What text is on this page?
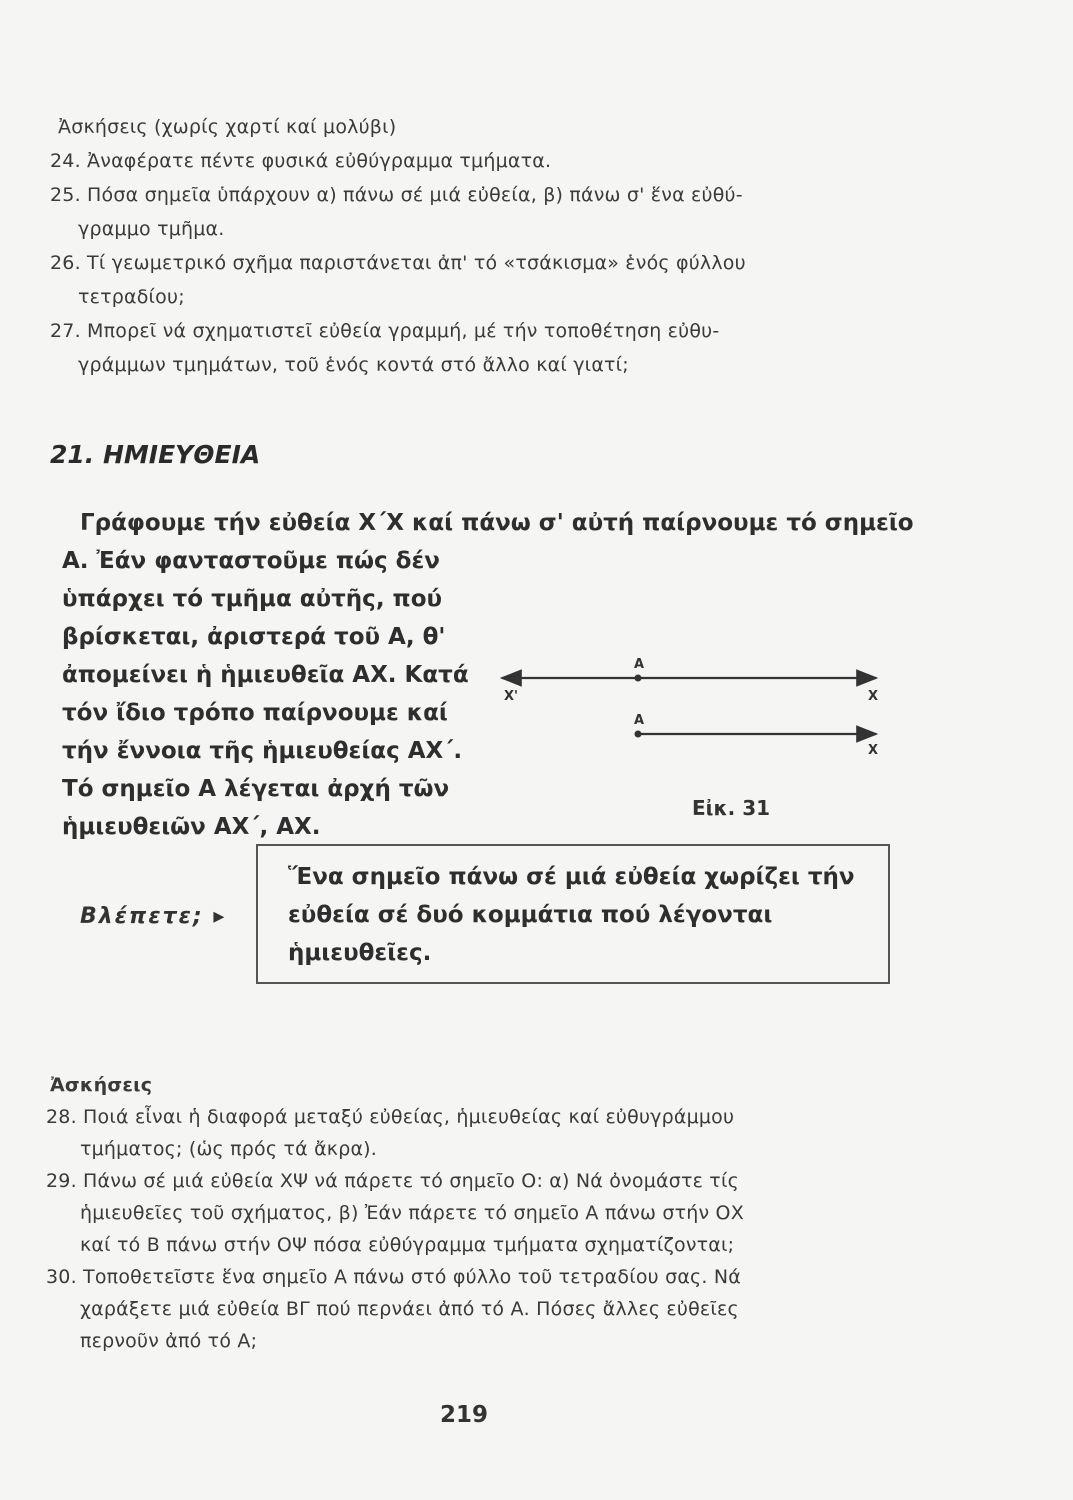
Ἀσκήσεις (χωρίς χαρτί καί μολύβι)
24. Ἀναφέρατε πέντε φυσικά εὐθύγραμμα τμήματα.
25. Πόσα σημεῖα ὑπάρχουν α) πάνω σέ μιά εὐθεία, β) πάνω σ' ἕνα εὐθύ-
γραμμο τμῆμα.
26. Τί γεωμετρικό σχῆμα παριστάνεται ἀπ' τό «τσάκισμα» ἑνός φύλλου
τετραδίου;
27. Μπορεῖ νά σχηματιστεῖ εὐθεία γραμμή, μέ τήν τοποθέτηση εὐθυ-
γράμμων τμημάτων, τοῦ ἑνός κοντά στό ἄλλο καί γιατί;
21. ΗΜΙΕΥΘΕΙΑ
Γράφουμε τήν εὐθεία Χ΄Χ καί πάνω σ' αὐτή παίρνουμε τό σημεῖο
Α. Ἐάν φανταστοῦμε πώς δέν
ὑπάρχει τό τμῆμα αὐτῆς, πού
βρίσκεται, ἀριστερά τοῦ Α, θ'
ἀπομείνει ἡ ἡμιευθεῖα ΑΧ. Κατά
τόν ἴδιο τρόπο παίρνουμε καί
τήν ἔννοια τῆς ἡμιευθείας ΑΧ΄.
Τό σημεῖο Α λέγεται ἀρχή τῶν
ἡμιευθειῶν ΑΧ΄, ΑΧ.
Χ'
Α
Χ
Α
Χ
Εἰκ. 31
Βλέπετε; ▸
Ἕνα σημεῖο πάνω σέ μιά εὐθεία χωρίζει τήν
εὐθεία σέ δυό κομμάτια πού λέγονται
ἡμιευθεῖες.
Ἀσκήσεις
28. Ποιά εἶναι ἡ διαφορά μεταξύ εὐθείας, ἡμιευθείας καί εὐθυγράμμου
τμήματος; (ὡς πρός τά ἄκρα).
29. Πάνω σέ μιά εὐθεία ΧΨ νά πάρετε τό σημεῖο Ο: α) Νά ὀνομάστε τίς
ἡμιευθεῖες τοῦ σχήματος, β) Ἐάν πάρετε τό σημεῖο Α πάνω στήν ΟΧ
καί τό Β πάνω στήν ΟΨ πόσα εὐθύγραμμα τμήματα σχηματίζονται;
30. Τοποθετεῖστε ἕνα σημεῖο Α πάνω στό φύλλο τοῦ τετραδίου σας. Νά
χαράξετε μιά εὐθεία ΒΓ πού περνάει ἀπό τό Α. Πόσες ἄλλες εὐθεῖες
περνοῦν ἀπό τό Α;
219
